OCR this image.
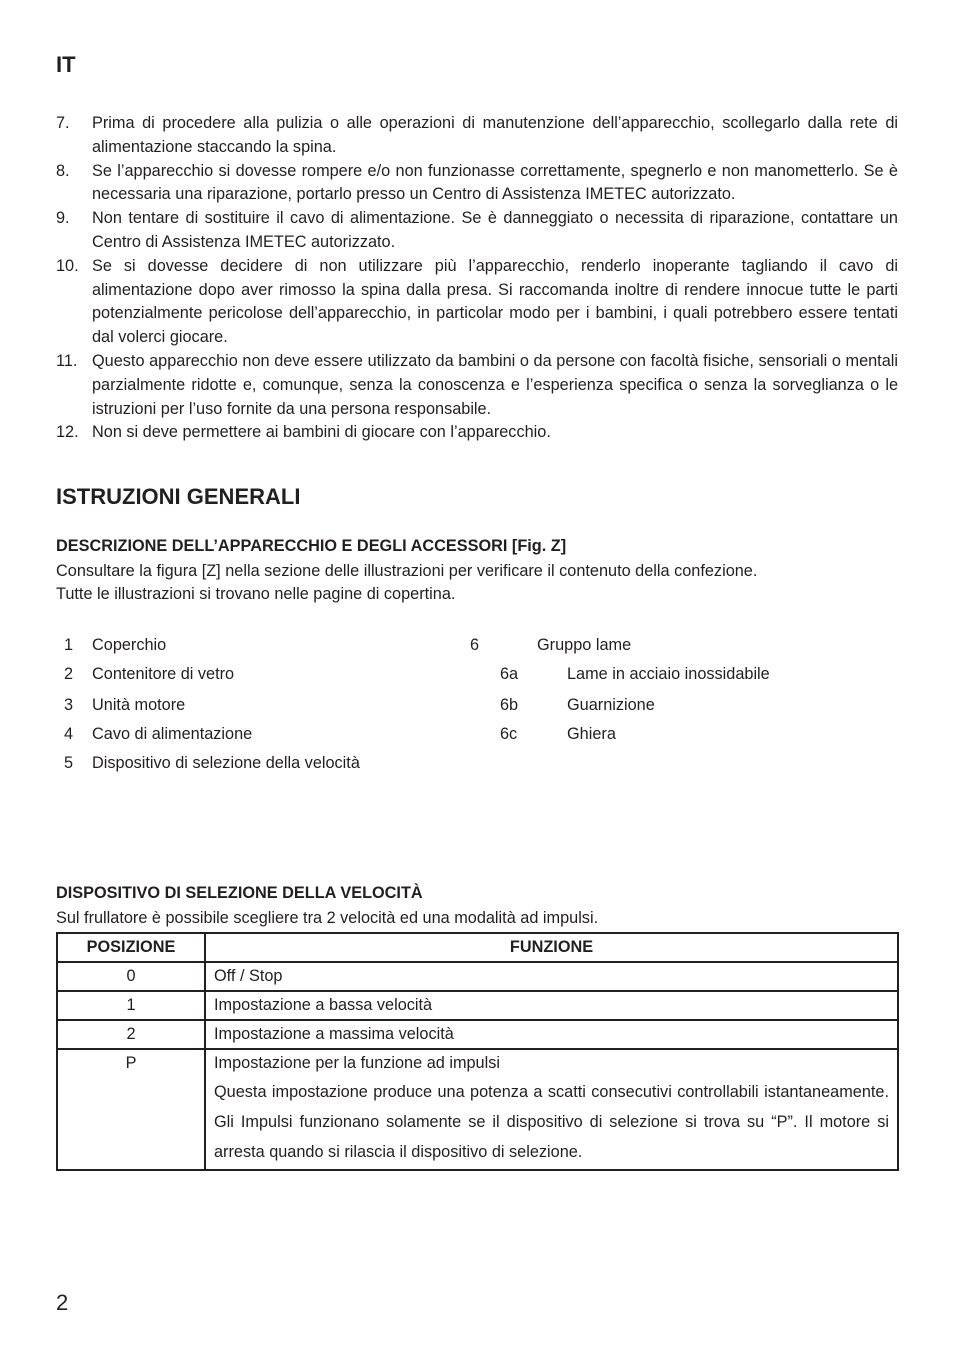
IT
7. Prima di procedere alla pulizia o alle operazioni di manutenzione dell’apparecchio, scollegarlo dalla rete di alimentazione staccando la spina.
8. Se l’apparecchio si dovesse rompere e/o non funzionasse correttamente, spegnerlo e non manometterlo. Se è necessaria una riparazione, portarlo presso un Centro di Assistenza IMETEC autorizzato.
9. Non tentare di sostituire il cavo di alimentazione. Se è danneggiato o necessita di riparazione, contattare un Centro di Assistenza IMETEC autorizzato.
10. Se si dovesse decidere di non utilizzare più l’apparecchio, renderlo inoperante tagliando il cavo di alimentazione dopo aver rimosso la spina dalla presa. Si raccomanda inoltre di rendere innocue tutte le parti potenzialmente pericolose dell’apparecchio, in particolar modo per i bambini, i quali potrebbero essere tentati dal volerci giocare.
11. Questo apparecchio non deve essere utilizzato da bambini o da persone con facoltà fisiche, sensoriali o mentali parzialmente ridotte e, comunque, senza la conoscenza e l’esperienza specifica o senza la sorveglianza o le istruzioni per l’uso fornite da una persona responsabile.
12. Non si deve permettere ai bambini di giocare con l’apparecchio.
ISTRUZIONI GENERALI
DESCRIZIONE DELL’APPARECCHIO E DEGLI ACCESSORI [Fig. Z]
Consultare la figura [Z] nella sezione delle illustrazioni per verificare il contenuto della confezione.
Tutte le illustrazioni si trovano nelle pagine di copertina.
1 Coperchio
2 Contenitore di vetro
3 Unità motore
4 Cavo di alimentazione
5 Dispositivo di selezione della velocità
6	Gruppo lame
6a	Lame in acciaio inossidabile
6b	Guarnizione
6c	Ghiera
DISPOSITIVO DI SELEZIONE DELLA VELOCITÀ
Sul frullatore è possibile scegliere tra 2 velocità ed una modalità ad impulsi.
POSIZIONE	FUNZIONE
0	Off / Stop
1	Impostazione a bassa velocità
2	Impostazione a massima velocità
P	Impostazione per la funzione ad impulsi
Questa impostazione produce una potenza a scatti consecutivi controllabili istantaneamente. Gli Impulsi funzionano solamente se il dispositivo di selezione si trova su “P”. Il motore si arresta quando si rilascia il dispositivo di selezione.
2
